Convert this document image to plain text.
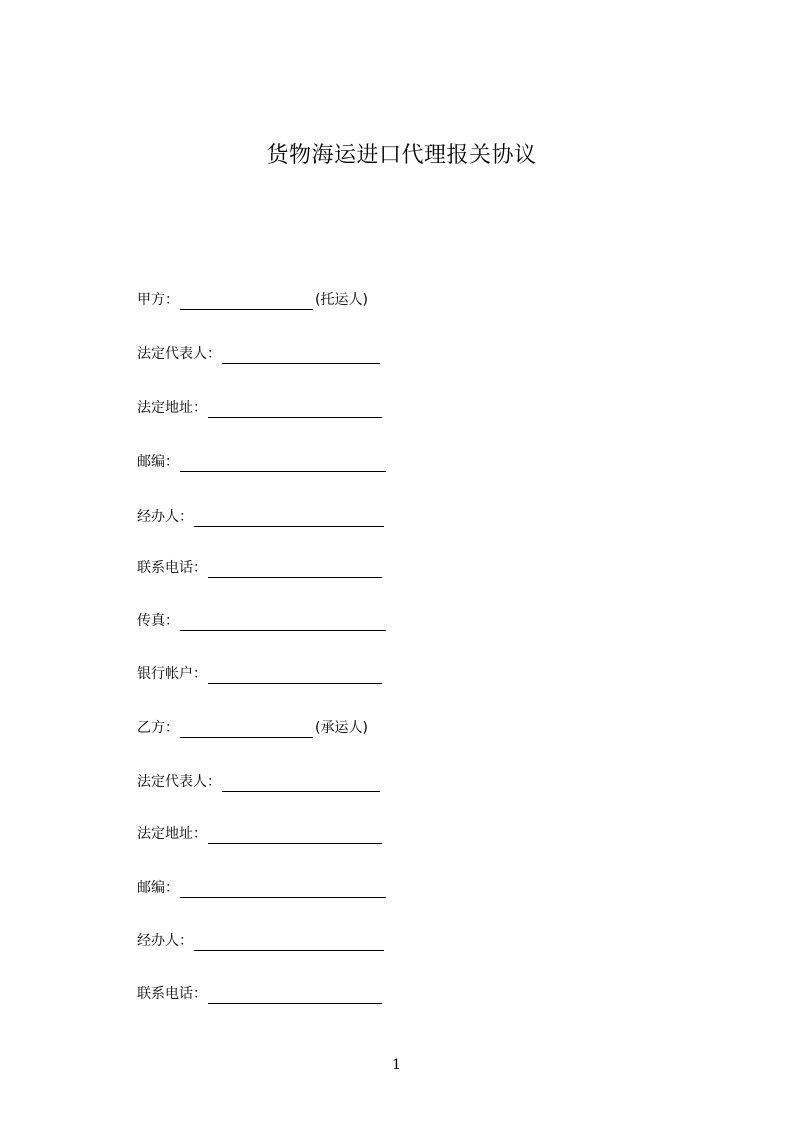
货物海运进口代理报关协议
甲方：	(托运人)
法定代表人：
法定地址：
邮编：
经办人：
联系电话：
传真：
银行帐户：
乙方：	(承运人)
法定代表人：
法定地址：
邮编：
经办人：
联系电话：
1
